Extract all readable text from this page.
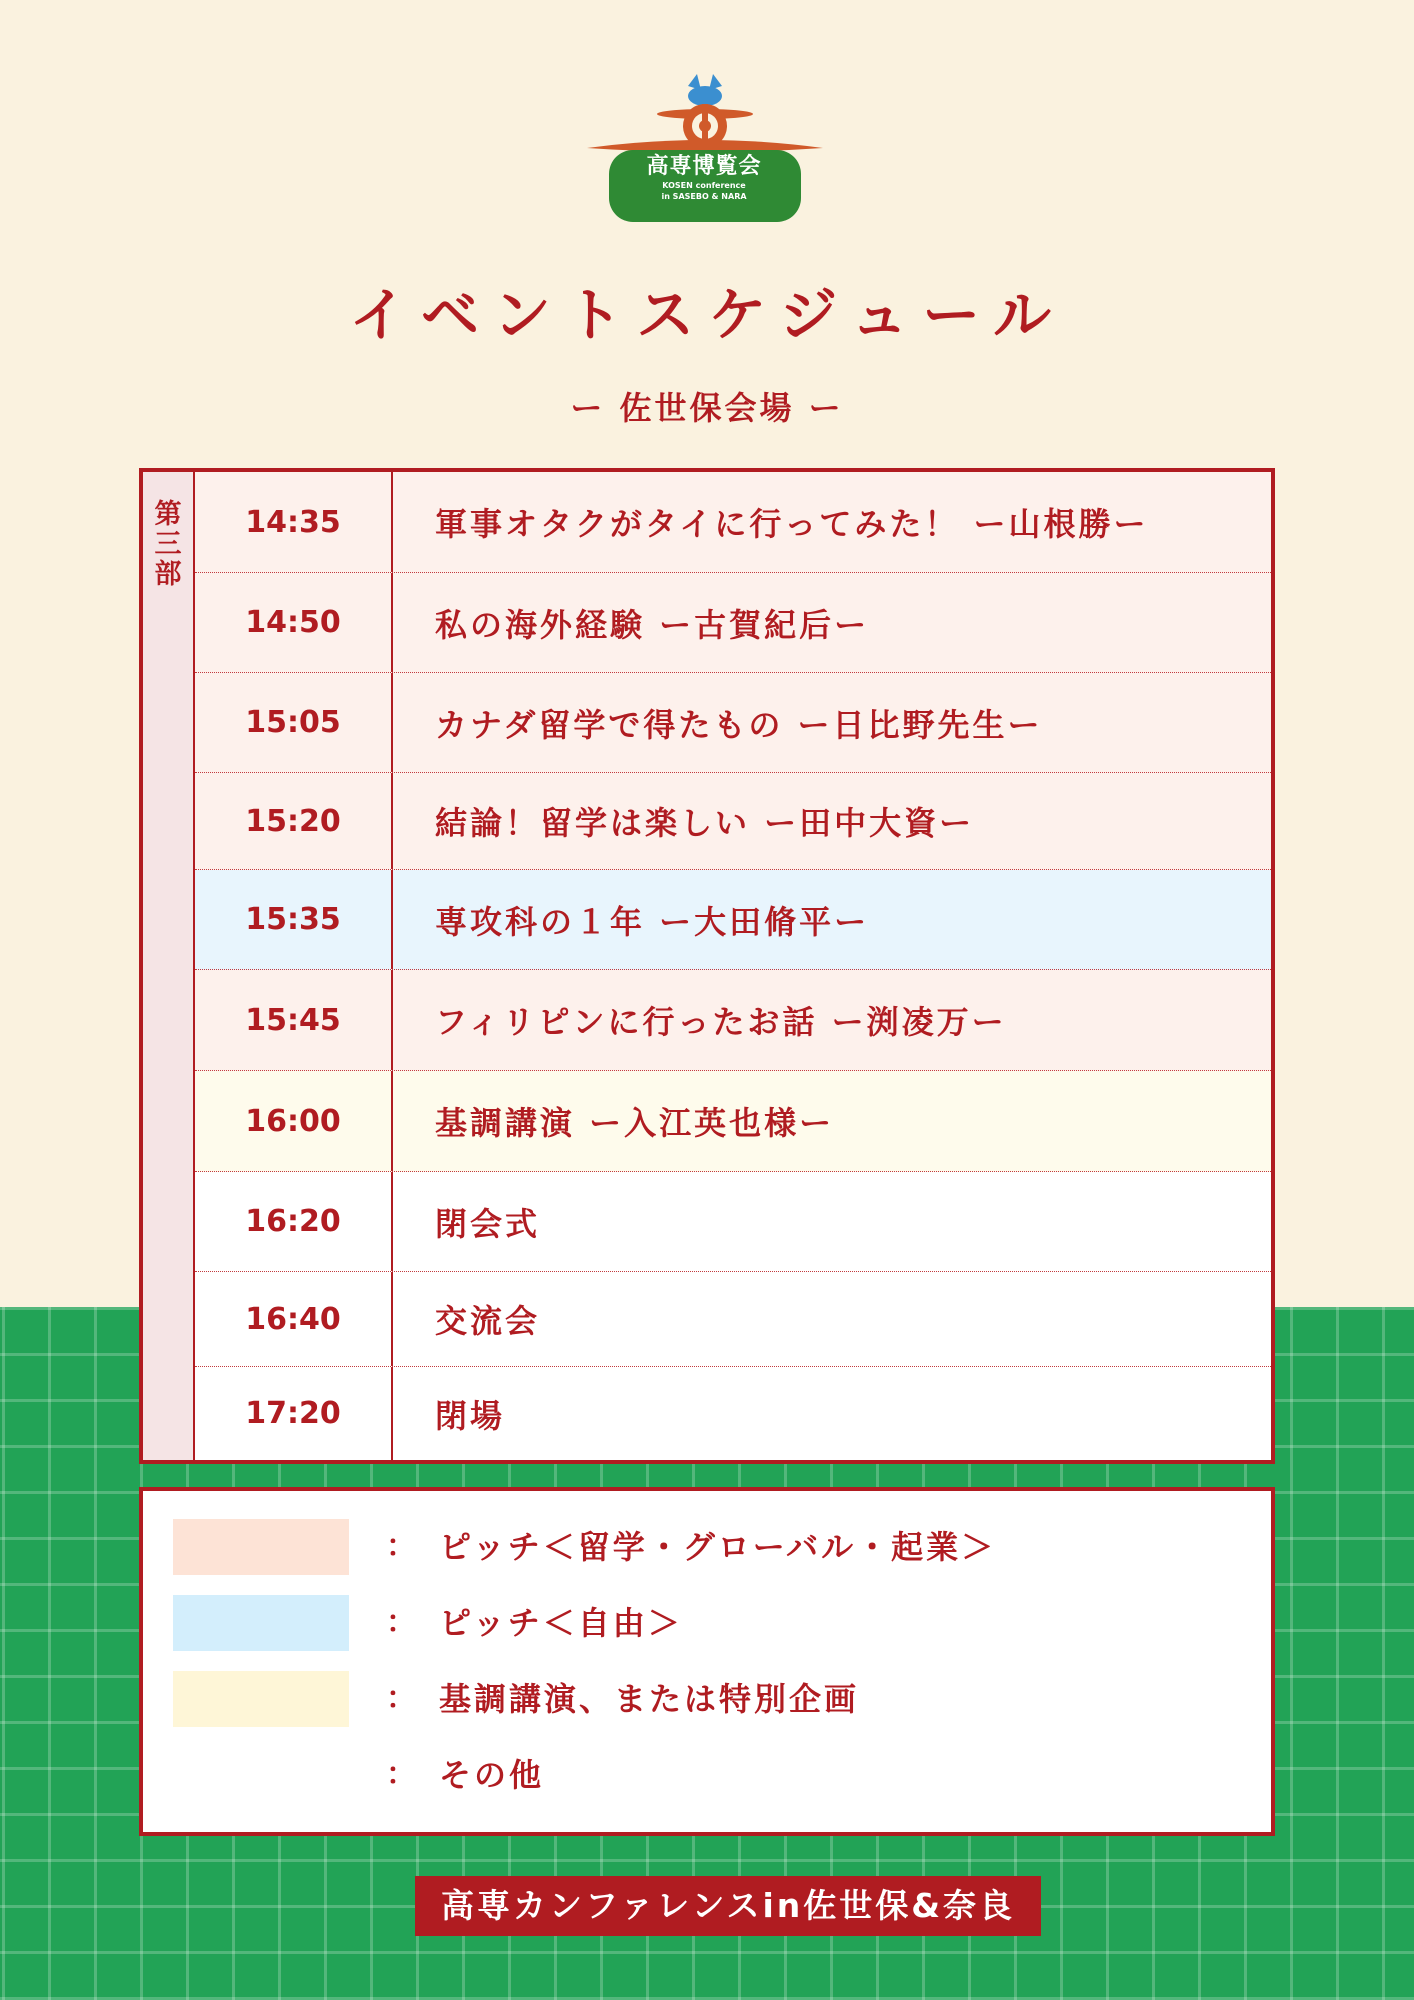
高専博覧会
KOSEN conference
in SASEBO & NARA
イベントスケジュール
ー 佐世保会場 ー
第三部
14:35	軍事オタクがタイに行ってみた！ ー山根勝ー
14:50	私の海外経験 ー古賀紀后ー
15:05	カナダ留学で得たもの ー日比野先生ー
15:20	結論！留学は楽しい ー田中大資ー
15:35	専攻科の１年 ー大田脩平ー
15:45	フィリピンに行ったお話 ー渕凌万ー
16:00	基調講演 ー入江英也様ー
16:20	閉会式
16:40	交流会
17:20	閉場
： ピッチ＜留学・グローバル・起業＞
： ピッチ＜自由＞
： 基調講演、または特別企画
： その他
高専カンファレンスin佐世保&奈良
